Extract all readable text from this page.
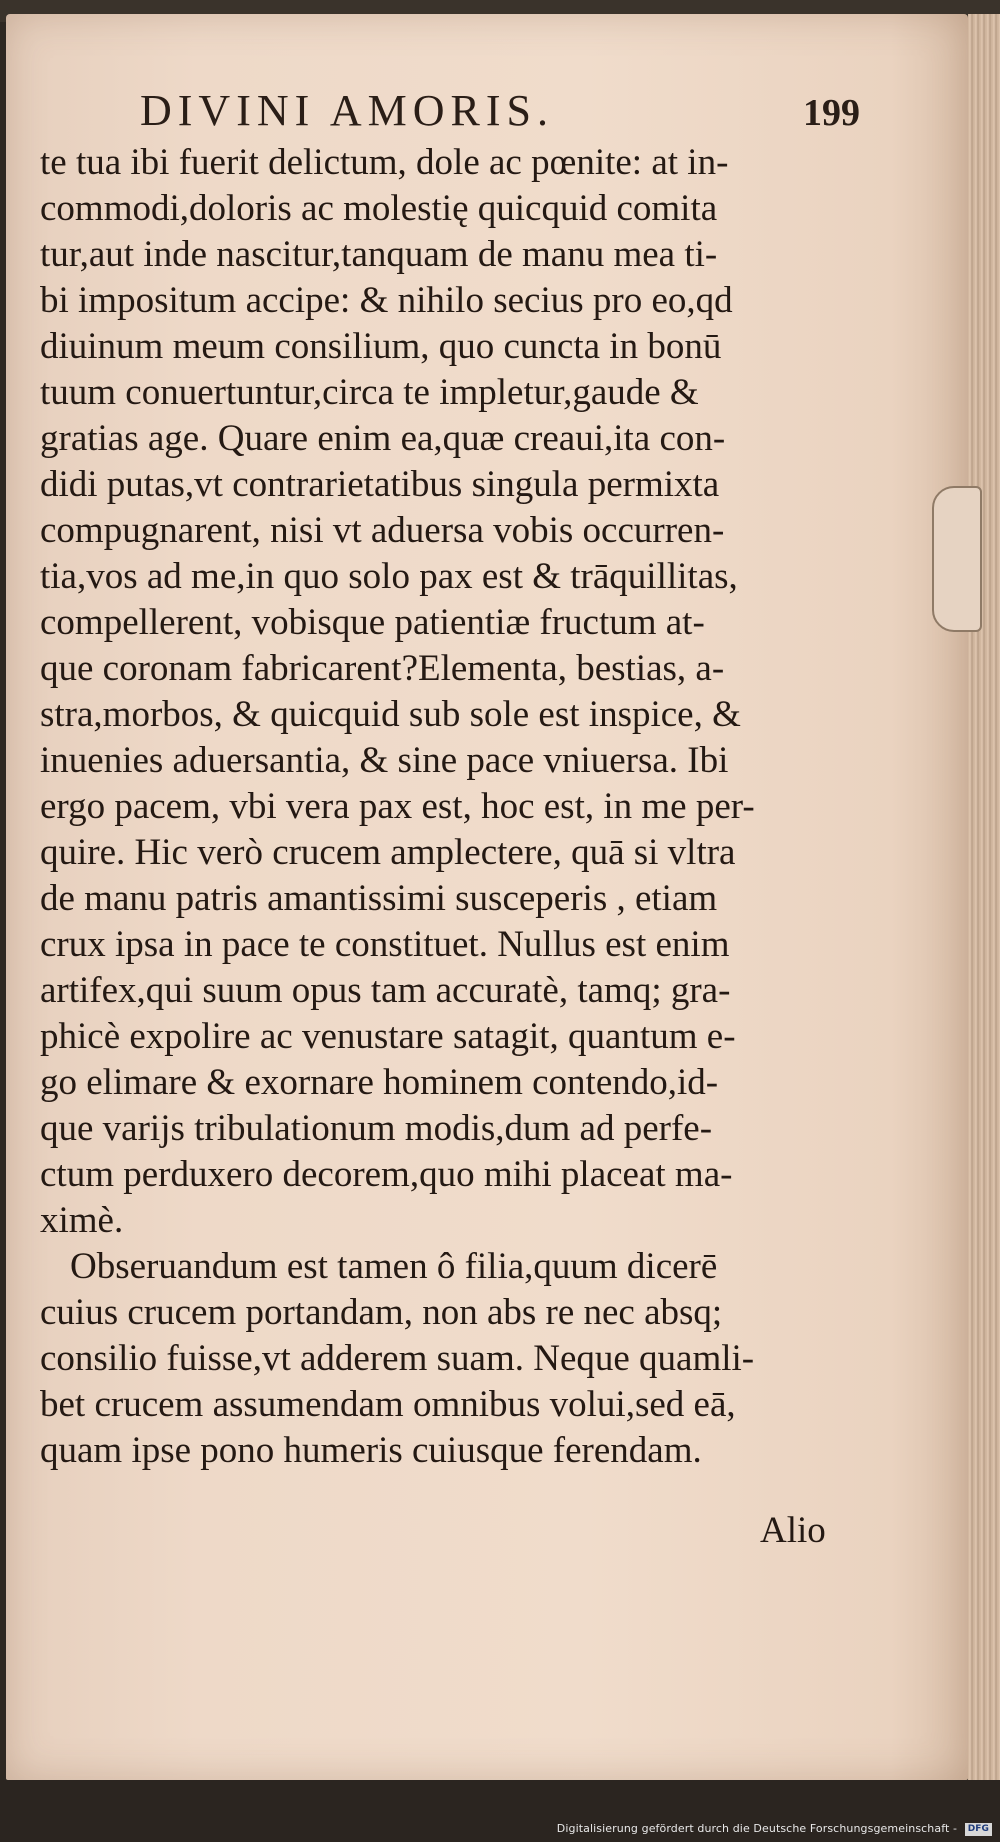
DIVINI AMORIS.	199
te tua ibi fuerit delictum, dole ac pœnite: at in-
commodi,doloris ac molestię quicquid comita
tur,aut inde nascitur,tanquam de manu mea ti-
bi impositum accipe: & nihilo secius pro eo,qd
diuinum meum consilium, quo cuncta in bonū
tuum conuertuntur,circa te impletur,gaude &
gratias age. Quare enim ea,quæ creaui,ita con-
didi putas,vt contrarietatibus singula permixta
compugnarent, nisi vt aduersa vobis occurren-
tia,vos ad me,in quo solo pax est & trāquillitas,
compellerent, vobisque patientiæ fructum at-
que coronam fabricarent?Elementa, bestias, a-
stra,morbos, & quicquid sub sole est inspice, &
inuenies aduersantia, & sine pace vniuersa. Ibi
ergo pacem, vbi vera pax est, hoc est, in me per-
quire. Hic verò crucem amplectere, quā si vltra
de manu patris amantissimi susceperis , etiam
crux ipsa in pace te constituet. Nullus est enim
artifex,qui suum opus tam accuratè, tamq; gra-
phicè expolire ac venustare satagit, quantum e-
go elimare & exornare hominem contendo,id-
que varijs tribulationum modis,dum ad perfe-
ctum perduxero decorem,quo mihi placeat ma-
ximè.
Obseruandum est tamen ô filia,quum dicerē
cuius crucem portandam, non abs re nec absq;
consilio fuisse,vt adderem suam. Neque quamli-
bet crucem assumendam omnibus volui,sed eā,
quam ipse pono humeris cuiusque ferendam.
Alio
Digitalisierung gefördert durch die Deutsche Forschungsgemeinschaft - DFG
